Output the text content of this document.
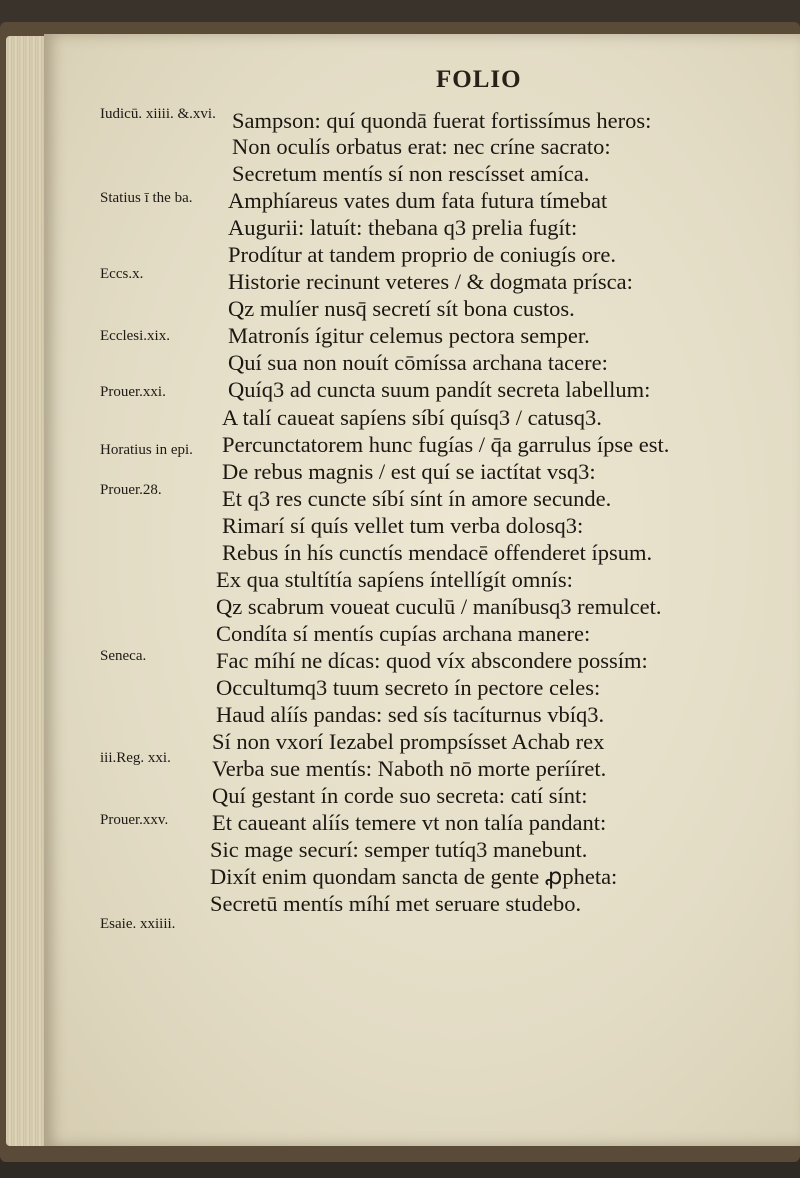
FOLIO
Iudicū. xiiii. &.xvi.
Statius ī the ba.
Eccs.x.
Ecclesi.xix.
Prouer.xxi.
Horatius in epi.
Prouer.28.
Seneca.
iii.Reg. xxi.
Prouer.xxv.
Esaie. xxiiii.
Sampson: quí quondā fuerat fortissímus heros:
Non oculís orbatus erat: nec críne sacrato:
Secretum mentís sí non rescísset amíca.
Amphíareus vates dum fata futura tímebat
Augurii: latuít: thebana q3 prelia fugít:
Prodítur at tandem proprio de coniugís ore.
Historie recinunt veteres / & dogmata prísca:
Qz mulíer nusq̄ secretí sít bona custos.
Matronís ígitur celemus pectora semper.
Quí sua non nouít cōmíssa archana tacere:
Quíq3 ad cuncta suum pandít secreta labellum:
A talí caueat sapíens síbí quísq3 / catusq3.
Percunctatorem hunc fugías / q̄a garrulus ípse est.
De rebus magnis / est quí se iactítat vsq3:
Et q3 res cuncte síbí sínt ín amore secunde.
Rimarí sí quís vellet tum verba dolosq3:
Rebus ín hís cunctís mendacē offenderet ípsum.
Ex qua stultítía sapíens íntellígít omnís:
Qz scabrum voueat cuculū / maníbusq3 remulcet.
Condíta sí mentís cupías archana manere:
Fac míhí ne dícas: quod víx abscondere possím:
Occultumq3 tuum secreto ín pectore celes:
Haud alíís pandas: sed sís tacíturnus vbíq3.
Sí non vxorí Iezabel prompsísset Achab rex
Verba sue mentís: Naboth nō morte perííret.
Quí gestant ín corde suo secreta: catí sínt:
Et caueant alíís temere vt non talía pandant:
Sic mage securí: semper tutíq3 manebunt.
Dixít enim quondam sancta de gente ꝓpheta:
Secretū mentís míhí met seruare studebo.
